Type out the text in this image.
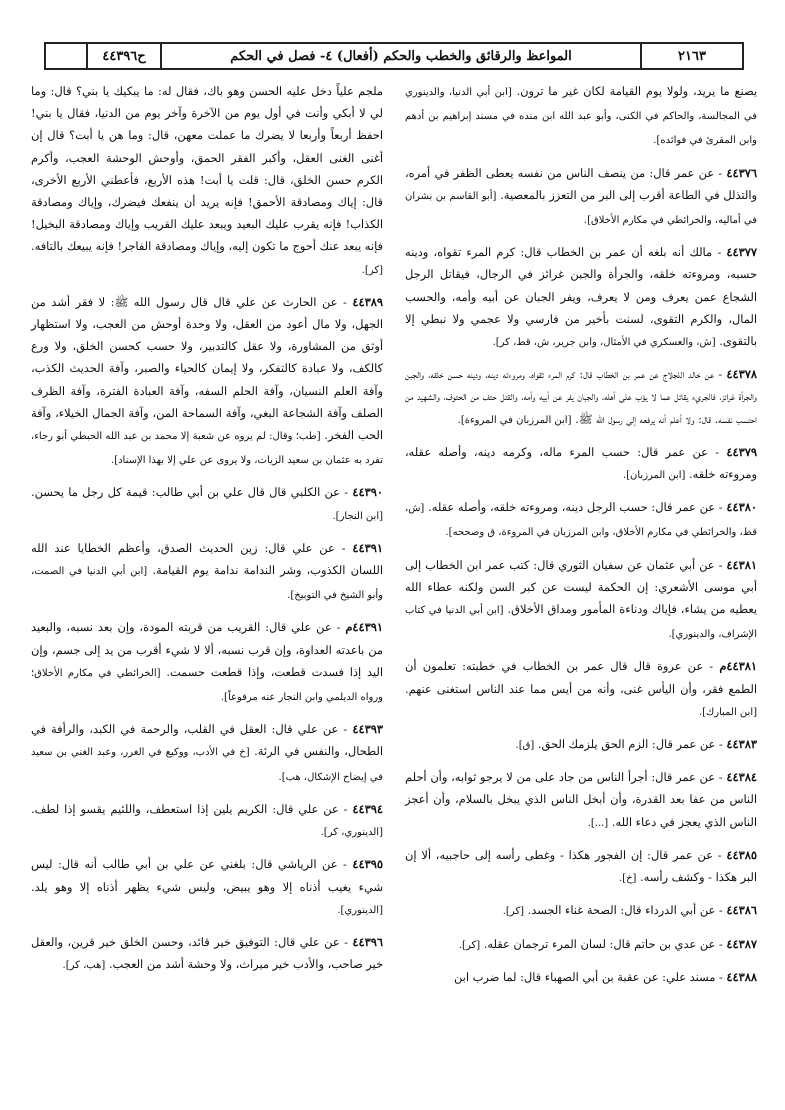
٢١٦٣
المواعظ والرقائق والخطب والحكم (أفعال) ٤- فصل في الحكم
ح٤٤٣٩٦

يصنع ما يريد، ولولا يوم القيامة لكان غير ما ترون. [ابن أبي الدنيا، والدينوري في المجالسة، والحاكم في الكنى، وأبو عبد الله ابن منده في مسند إبراهيم بن أدهم وابن المقرئ في فوائده].

٤٤٣٧٦ - عن عمر قال: من ينصف الناس من نفسه يعطى الظفر في أمره، والتذلل في الطاعة أقرب إلى البر من التعزز بالمعصية. [أبو القاسم بن بشران في أماليه، والخرائطي في مكارم الأخلاق].

٤٤٣٧٧ - مالك أنه بلغه أن عمر بن الخطاب قال: كرم المرء تقواه، ودينه حسبه، ومروءته خلقه، والجرأة والجبن غرائز في الرجال، فيقاتل الرجل الشجاع عمن يعرف ومن لا يعرف، ويفر الجبان عن أبيه وأمه، والحسب المال، والكرم التقوى، لسنت بأخير من فارسي ولا عجمي ولا نبطي إلا بالتقوى. [ش، والعسكري في الأمثال، وابن جرير، ش، قط، كر].

٤٤٣٧٨ - عن خالد اللجلاج عن عمر بن الخطاب قال: كرم المرء تقواه، ومروءته دينه، ودينه حسن خلقه، والجبن والجرأة غرائز، فالجريء يقاتل عما لا يؤب على أهله، والجبان يفر عن أبيه وأمه، والقتل حتف من الحتوف، والشهيد من احتسب نفسه. قال: ولا أعلم أنه يرفعه إلى رسول الله ﷺ. [ابن المرزبان في المروءة].

٤٤٣٧٩ - عن عمر قال: حسب المرء ماله، وكرمه دينه، وأصله عقله، ومروءته خلقه. [ابن المرزبان].

٤٤٣٨٠ - عن عمر قال: حسب الرجل دينه، ومروءته خلقه، وأصله عقله. [ش، قط، والخرائطي في مكارم الأخلاق، وابن المرزبان في المروءة، ق وصححه].

٤٤٣٨١ - عن أبي عثمان عن سفيان الثوري قال: كتب عمر ابن الخطاب إلى أبي موسى الأشعري: إن الحكمة ليست عن كبر السن ولكنه عطاء الله يعطيه من يشاء، فإياك ودناءة المأمور ومداق الأخلاق. [ابن أبي الدنيا في كتاب الإشراف، والدينوري].

٤٤٣٨١م - عن عروة قال قال عمر بن الخطاب في خطبته: تعلمون أن الطمع فقر، وأن اليأس غنى، وأنه من أيس مما عند الناس استغنى عنهم. [ابن المبارك].

٤٤٣٨٣ - عن عمر قال: الزم الحق يلزمك الحق. [ق].

٤٤٣٨٤ - عن عمر قال: أجرأ الناس من جاد على من لا يرجو ثوابه، وأن أحلم الناس من عفا بعد القدرة، وأن أبخل الناس الذي يبخل بالسلام، وأن أعجز الناس الذي يعجز في دعاء الله. [...].

٤٤٣٨٥ - عن عمر قال: إن الفجور هكذا - وغطى رأسه إلى حاجبيه، ألا إن البر هكذا - وكشف رأسه. [خ].

٤٤٣٨٦ - عن أبي الدرداء قال: الصحة غناء الجسد. [كر].

٤٤٣٨٧ - عن عدي بن حاتم قال: لسان المرء ترجمان عقله. [كر].

٤٤٣٨٨ - مسند علي: عن عقبة بن أبي الصهباء قال: لما ضرب ابن

ملجم علياً دخل عليه الحسن وهو باك، فقال له: ما يبكيك يا بني؟ قال: وما لي لا أبكي وأنت في أول يوم من الآخرة وآخر يوم من الدنيا، فقال يا بني! احفظ أربعاً وأربعا لا يضرك ما عملت معهن، قال: وما هن يا أبت؟ قال إن أغنى الغنى العقل، وأكبر الفقر الحمق، وأوحش الوحشة العجب، وأكرم الكرم حسن الخلق، قال: قلت يا أبت! هذه الأربع، فأعطني الأربع الأخرى، قال: إياك ومصادقة الأحمق! فإنه يريد أن ينفعك فيضرك، وإياك ومصادقة الكذاب! فإنه يقرب عليك البعيد ويبعد عليك القريب وإياك ومصادقة البخيل! فإنه يبعد عنك أحوج ما تكون إليه، وإياك ومصادقة الفاجر! فإنه يبيعك بالتافه. [كر].

٤٤٣٨٩ - عن الحارث عن علي قال قال رسول الله ﷺ: لا فقر أشد من الجهل، ولا مال أعود من العقل، ولا وحدة أوحش من العجب، ولا استظهار أوثق من المشاورة، ولا عقل كالتدبير، ولا حسب كحسن الخلق، ولا ورع كالكف، ولا عبادة كالتفكر، ولا إيمان كالحياء والصبر، وآفة الحديث الكذب، وآفة العلم النسيان، وآفة الحلم السفه، وآفة العبادة الفترة، وآفة الظرف الصلف وآفة الشجاعة البغي، وآفة السماحة المن، وآفة الجمال الخيلاء، وآفة الحب الفخر. [طب؛ وقال: لم يروه عن شعبة إلا محمد بن عبد الله الحبطي أبو رجاء، تفرد به عثمان بن سعيد الزيات، ولا يروى عن علي إلا بهذا الإسناد].

٤٤٣٩٠ - عن الكلبي قال قال علي بن أبي طالب: قيمة كل رجل ما يحسن. [ابن النجار].

٤٤٣٩١ - عن علي قال: زين الحديث الصدق، وأعظم الخطايا عند الله اللسان الكذوب، وشر الندامة ندامة يوم القيامة. [ابن أبي الدنيا في الصمت، وأبو الشيخ في التوبيخ].

٤٤٣٩١م - عن علي قال: القريب من قربته المودة، وإن بعد نسبه، والبعيد من باعدته العداوة، وإن قرب نسبه، ألا لا شيء أقرب من يد إلى جسم، وإن اليد إذا فسدت قطعت، وإذا قطعت حسمت. [الخرائطي في مكارم الأخلاق؛ ورواه الديلمي وابن النجار عنه مرفوعاً].

٤٤٣٩٣ - عن علي قال: العقل في القلب، والرحمة في الكبد، والرأفة في الطحال، والنفس في الرئة. [خ في الأدب، ووكيع في الغرر، وعبد الغني بن سعيد في إيضاح الإشكال، هب].

٤٤٣٩٤ - عن علي قال: الكريم يلين إذا استعطف، واللئيم يقسو إذا لطف. [الدينوري، كر].

٤٤٣٩٥ - عن الرياشي قال: بلغني عن علي بن أبي طالب أنه قال: ليس شيء يغيب أذناه إلا وهو يبيض، وليس شيء يظهر أذناه إلا وهو يلد. [الدينوري].

٤٤٣٩٦ - عن علي قال: التوفيق خير قائد، وحسن الخلق خير قرين، والعقل خير صاحب، والأدب خير ميراث، ولا وحشة أشد من العجب. [هب، كر].
